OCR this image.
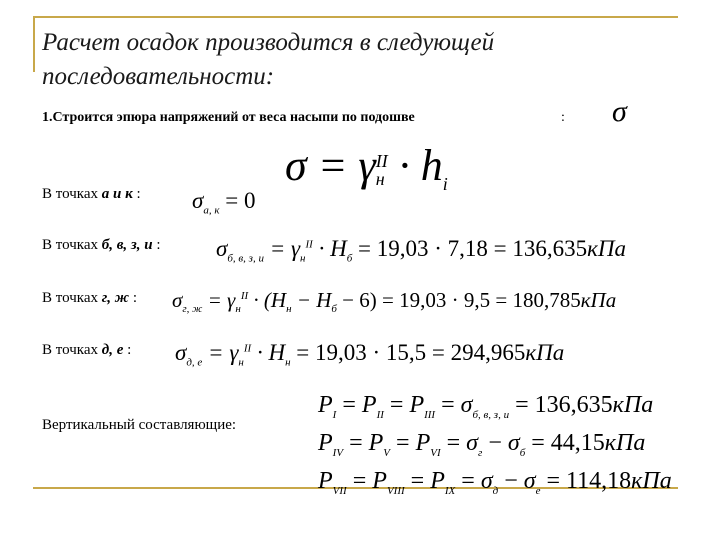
Расчет осадок производится в следующей последовательности:
1.Строится эпюра напряжений от веса насыпи по подошве	: σ
σ = γ II
$н \cdot h_i$
В точках а и к : $\sigma_{а, к} = 0$
В точках б, в, з, и : $\sigma_{б, в, з, и} = \gamma_н^{II} \cdot H_б = 19,03 \cdot 7,18 = 136,635кПа$
В точках г, ж : $\sigma_{г, ж} = \gamma_н^{II} \cdot (H_н - H_б - 6) = 19,03 \cdot 9,5 = 180,785кПа$
В точках д, е : $\sigma_{д, е} = \gamma_н^{II} \cdot H_н = 19,03 \cdot 15,5 = 294,965кПа$
Вертикальный составляющие:
$P_I = P_{II} = P_{III} = \sigma_{б, в, з, и} = 136,635кПа$
$P_{IV} = P_V = P_{VI} = \sigma_г - \sigma_б = 44,15кПа$
$P_{VII} = P_{VIII} = P_{IX} = \sigma_д - \sigma_е = 114,18кПа$
